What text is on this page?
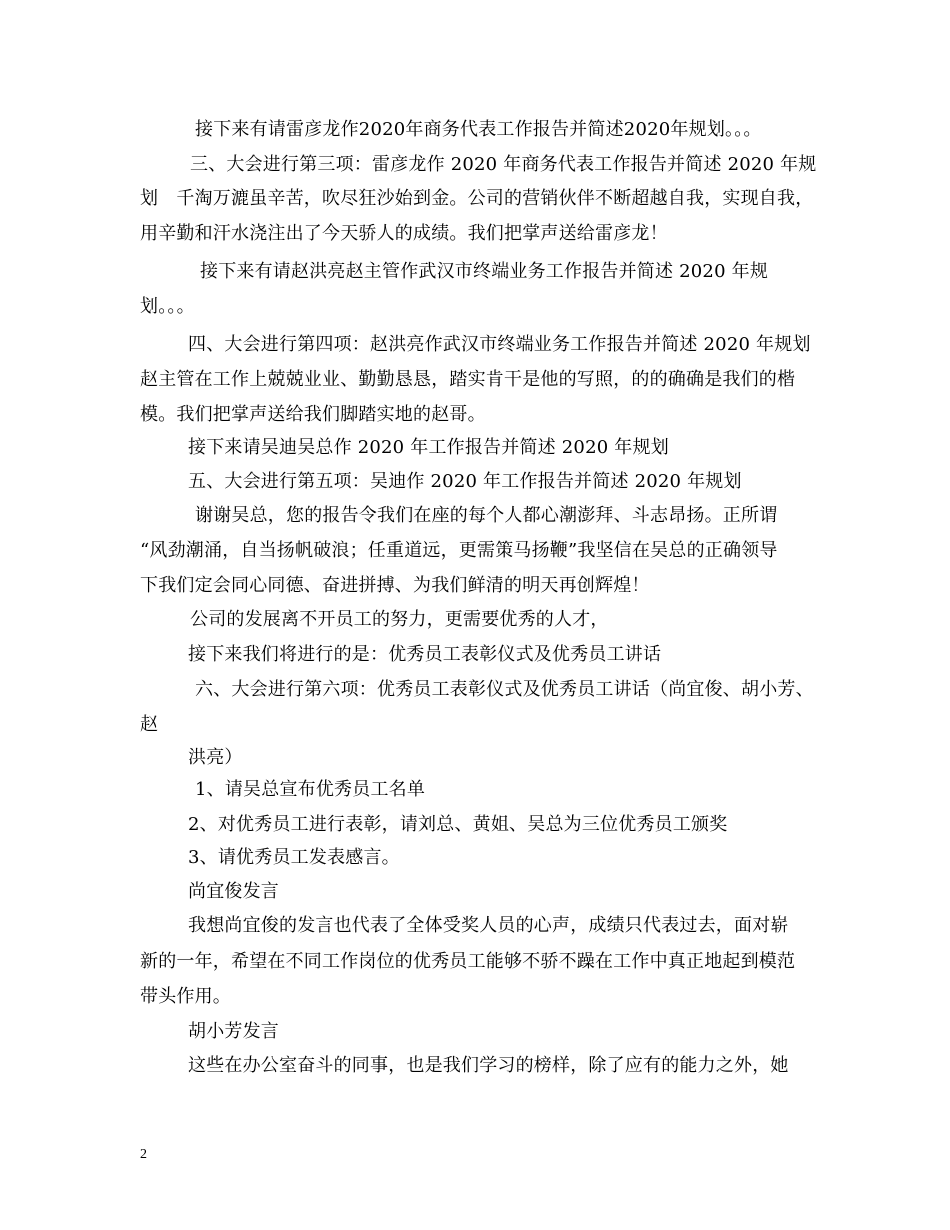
接下来有请雷彦龙作2020年商务代表工作报告并简述2020年规划。。。
三、大会进行第三项：雷彦龙作 2020 年商务代表工作报告并简述 2020 年规
划　千淘万漉虽辛苦，吹尽狂沙始到金。公司的营销伙伴不断超越自我，实现自我，
用辛勤和汗水浇注出了今天骄人的成绩。我们把掌声送给雷彦龙！
接下来有请赵洪亮赵主管作武汉市终端业务工作报告并简述 2020 年规
划。。。
四、大会进行第四项：赵洪亮作武汉市终端业务工作报告并简述 2020 年规划
赵主管在工作上兢兢业业、勤勤恳恳，踏实肯干是他的写照，的的确确是我们的楷
模。我们把掌声送给我们脚踏实地的赵哥。
接下来请吴迪吴总作 2020 年工作报告并简述 2020 年规划
五、大会进行第五项：吴迪作 2020 年工作报告并简述 2020 年规划
谢谢吴总，您的报告令我们在座的每个人都心潮澎拜、斗志昂扬。正所谓
“风劲潮涌，自当扬帆破浪；任重道远，更需策马扬鞭”我坚信在吴总的正确领导
下我们定会同心同德、奋进拼搏、为我们鲜清的明天再创辉煌！
公司的发展离不开员工的努力，更需要优秀的人才，
接下来我们将进行的是：优秀员工表彰仪式及优秀员工讲话
六、大会进行第六项：优秀员工表彰仪式及优秀员工讲话（尚宜俊、胡小芳、
赵
洪亮）
1、请吴总宣布优秀员工名单
2、对优秀员工进行表彰，请刘总、黄姐、吴总为三位优秀员工颁奖
3、请优秀员工发表感言。
尚宜俊发言
我想尚宜俊的发言也代表了全体受奖人员的心声，成绩只代表过去，面对崭
新的一年，希望在不同工作岗位的优秀员工能够不骄不躁在工作中真正地起到模范
带头作用。
胡小芳发言
这些在办公室奋斗的同事，也是我们学习的榜样，除了应有的能力之外，她
2
